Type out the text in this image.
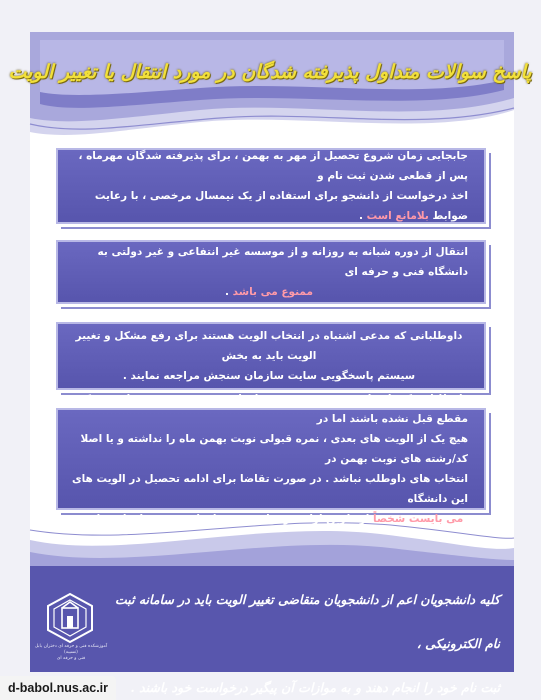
پاسخ سوالات متداول پذیرفته شدگان در مورد انتقال یا تغییر الویت

جابجایی زمان شروع تحصیل از مهر به بهمن ، برای پذیرفته شدگان مهرماه ، پس از قطعی شدن ثبت نام و

اخذ درخواست از دانشجو برای استفاده از یک نیمسال مرخصی ، با رعایت ضوابط بلامانع است .

انتقال از دوره شبانه به روزانه و از موسسه غیر انتفاعی و غیر دولتی به دانشگاه فنی و حرفه ای

ممنوع می باشد .

داوطلبانی که مدعی اشتباه در انتخاب الویت هستند برای رفع مشکل و تغییر الویت باید به بخش

سیستم پاسخگویی سایت سازمان سنجش مراجعه نمایند .

داوطلبانی که تا زمان مقرر در دفترچه سازمان سنجش ، موفق به اخذ مدرک مقطع قبل نشده باشند اما در

هیچ یک از الویت های بعدی ، نمره قبولی نوبت بهمن ماه را نداشته و یا اصلا کد/رشته های نوبت بهمن در

انتخاب های داوطلب نباشد . در صورت تقاضا برای ادامه تحصیل در الویت های این دانشگاه

می بایست شخصاً از طریق ارائه درخواست به سازمان سنجش اقدام نمایند .

کلیه دانشجویان اعم از دانشجویان متقاضی تغییر الویت باید در سامانه ثبت نام الکترونیکی ،

ثبت نام خود را انجام دهند و به موازات آن پیگیر درخواست خود باشند .

آموزشکده فنی و حرفه ای دختران بابل (نسیبه)

فنی و حرفه ای

d-babol.nus.ac.ir
